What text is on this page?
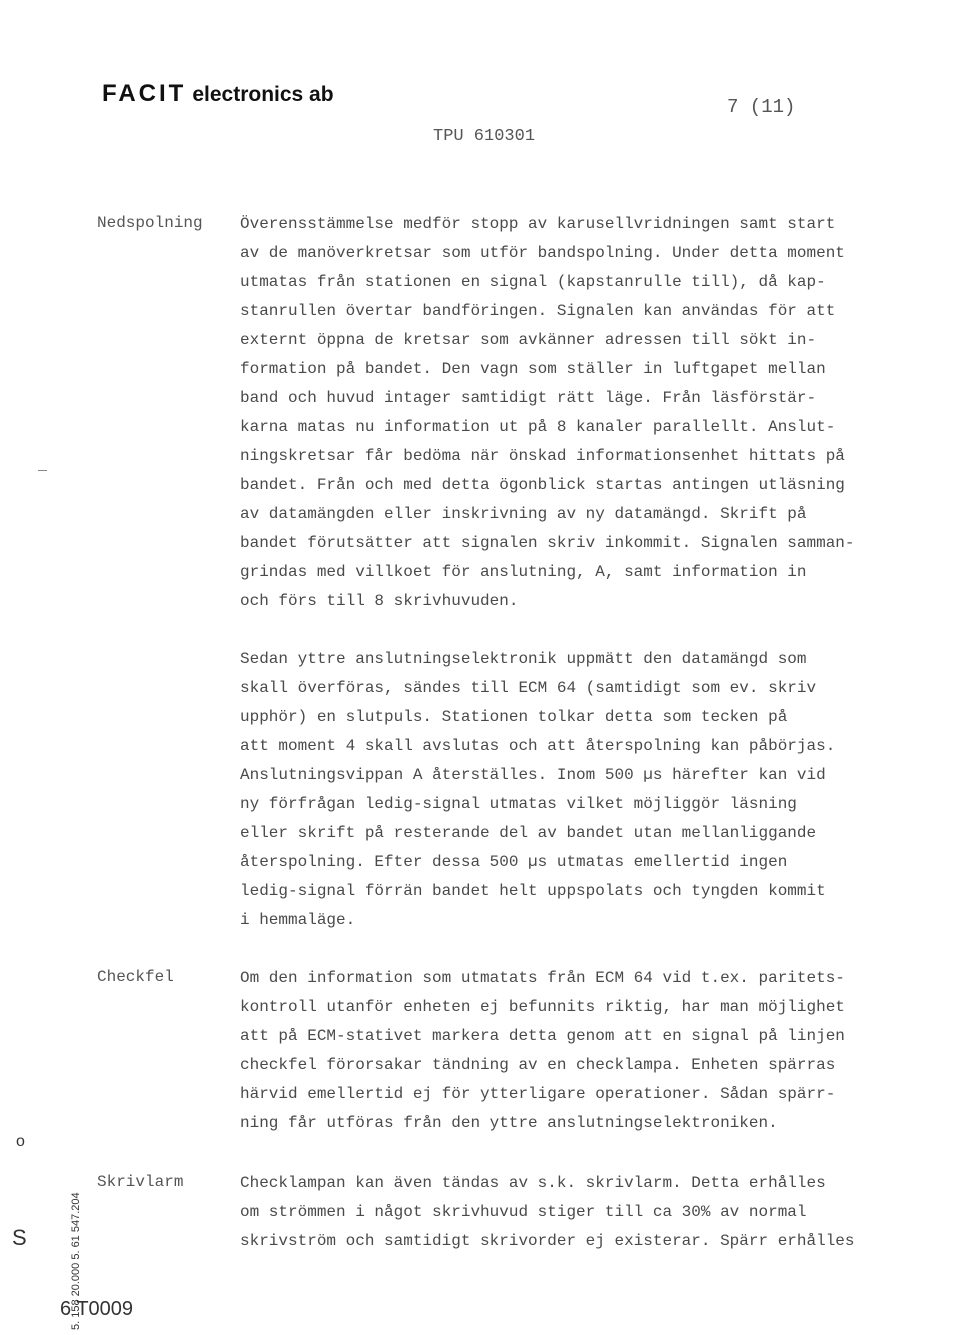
FACIT electronics ab
7 (11)
TPU 610301
Nedspolning Överensstämmelse medför stopp av karusellvridningen samt start
av de manöverkretsar som utför bandspolning. Under detta moment
utmatas från stationen en signal (kapstanrulle till), då kap-
stanrullen övertar bandföringen. Signalen kan användas för att
externt öppna de kretsar som avkänner adressen till sökt in-
formation på bandet. Den vagn som ställer in luftgapet mellan
band och huvud intager samtidigt rätt läge. Från läsförstär-
karna matas nu information ut på 8 kanaler parallellt. Anslut-
ningskretsar får bedöma när önskad informationsenhet hittats på
bandet. Från och med detta ögonblick startas antingen utläsning
av datamängden eller inskrivning av ny datamängd. Skrift på
bandet förutsätter att signalen skriv inkommit. Signalen samman-
grindas med villkoet för anslutning, A, samt information in
och förs till 8 skrivhuvuden.
Sedan yttre anslutningselektronik uppmätt den datamängd som
skall överföras, sändes till ECM 64 (samtidigt som ev. skriv
upphör) en slutpuls. Stationen tolkar detta som tecken på
att moment 4 skall avslutas och att återspolning kan påbörjas.
Anslutningsvippan A återställes. Inom 500 µs härefter kan vid
ny förfrågan ledig-signal utmatas vilket möjliggör läsning
eller skrift på resterande del av bandet utan mellanliggande
återspolning. Efter dessa 500 µs utmatas emellertid ingen
ledig-signal förrän bandet helt uppspolats och tyngden kommit
i hemmaläge.
Checkfel	Om den information som utmatats från ECM 64 vid t.ex. paritets-
kontroll utanför enheten ej befunnits riktig, har man möjlighet
att på ECM-stativet markera detta genom att en signal på linjen
checkfel förorsakar tändning av en checklampa. Enheten spärras
härvid emellertid ej för ytterligare operationer. Sådan spärr-
ning får utföras från den yttre anslutningselektroniken.
Skrivlarm	Checklampan kan även tändas av s.k. skrivlarm. Detta erhålles
om strömmen i något skrivhuvud stiger till ca 30% av normal
skrivström och samtidigt skrivorder ej existerar. Spärr erhålles
o
S	5. 158 20.000 5. 61 547.204
6 T0009
